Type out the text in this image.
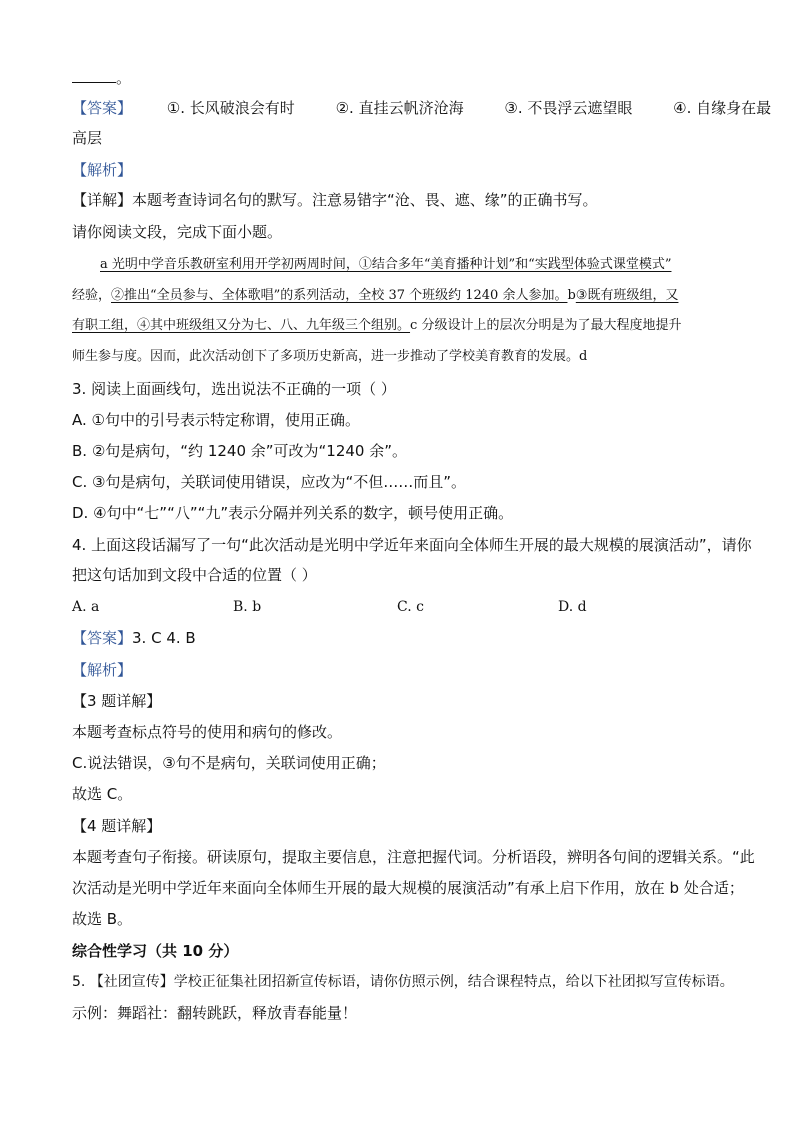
。
【答案】 ①. 长风破浪会有时	②. 直挂云帆济沧海	③. 不畏浮云遮望眼	④. 自缘身在最
高层
【解析】
【详解】本题考查诗词名句的默写。注意易错字“沧、畏、遮、缘”的正确书写。
请你阅读文段，完成下面小题。
a 光明中学音乐教研室利用开学初两周时间，①结合多年“美育播种计划”和“实践型体验式课堂模式”
经验，②推出“全员参与、全体歌唱”的系列活动，全校 37 个班级约 1240 余人参加。b③既有班级组，又
有职工组，④其中班级组又分为七、八、九年级三个组别。c 分级设计上的层次分明是为了最大程度地提升
师生参与度。因而，此次活动创下了多项历史新高，进一步推动了学校美育教育的发展。d
3. 阅读上面画线句，选出说法不正确的一项（ ）
A. ①句中的引号表示特定称谓，使用正确。
B. ②句是病句，“约 1240 余”可改为“1240 余”。
C. ③句是病句，关联词使用错误，应改为“不但……而且”。
D. ④句中“七”“八”“九”表示分隔并列关系的数字，顿号使用正确。
4. 上面这段话漏写了一句“此次活动是光明中学近年来面向全体师生开展的最大规模的展演活动”，请你
把这句话加到文段中合适的位置（ ）
A. a	B. b	C. c	D. d
【答案】3. C 4. B
【解析】
【3 题详解】
本题考查标点符号的使用和病句的修改。
C.说法错误，③句不是病句，关联词使用正确；
故选 C。
【4 题详解】
本题考查句子衔接。研读原句，提取主要信息，注意把握代词。分析语段，辨明各句间的逻辑关系。“此
次活动是光明中学近年来面向全体师生开展的最大规模的展演活动”有承上启下作用，放在 b 处合适；
故选 B。
综合性学习（共 10 分）
5. 【社团宣传】学校正征集社团招新宣传标语，请你仿照示例，结合课程特点，给以下社团拟写宣传标语。
示例：舞蹈社：翻转跳跃，释放青春能量！
